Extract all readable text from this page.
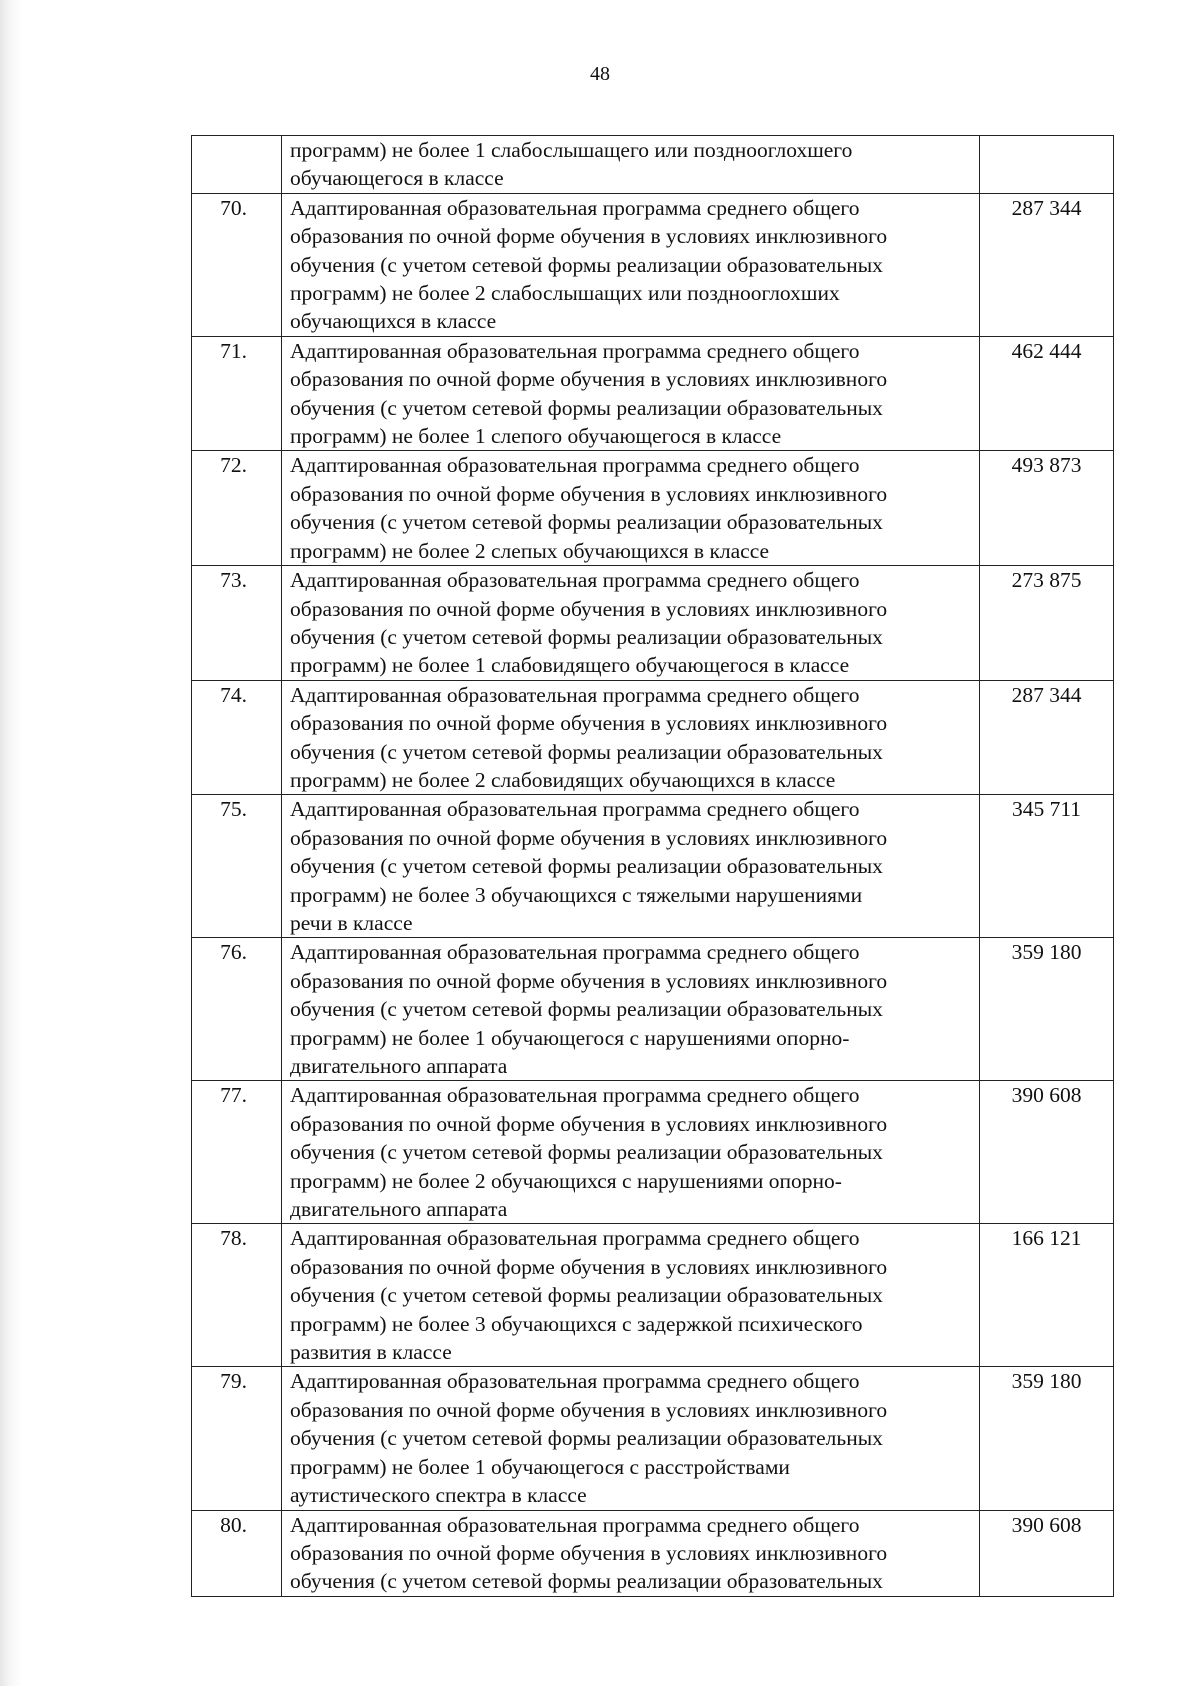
48

	программ) не более 1 слабослышащего или позднооглохшего
обучающегося в классе	

70.	Адаптированная образовательная программа среднего общего
образования по очной форме обучения в условиях инклюзивного
обучения (с учетом сетевой формы реализации образовательных
программ) не более 2 слабослышащих или позднооглохших
обучающихся в классе	287 344
71.	Адаптированная образовательная программа среднего общего
образования по очной форме обучения в условиях инклюзивного
обучения (с учетом сетевой формы реализации образовательных
программ) не более 1 слепого обучающегося в классе	462 444
72.	Адаптированная образовательная программа среднего общего
образования по очной форме обучения в условиях инклюзивного
обучения (с учетом сетевой формы реализации образовательных
программ) не более 2 слепых обучающихся в классе	493 873
73.	Адаптированная образовательная программа среднего общего
образования по очной форме обучения в условиях инклюзивного
обучения (с учетом сетевой формы реализации образовательных
программ) не более 1 слабовидящего обучающегося в классе	273 875
74.	Адаптированная образовательная программа среднего общего
образования по очной форме обучения в условиях инклюзивного
обучения (с учетом сетевой формы реализации образовательных
программ) не более 2 слабовидящих обучающихся в классе	287 344
75.	Адаптированная образовательная программа среднего общего
образования по очной форме обучения в условиях инклюзивного
обучения (с учетом сетевой формы реализации образовательных
программ) не более 3 обучающихся с тяжелыми нарушениями
речи в классе	345 711
76.	Адаптированная образовательная программа среднего общего
образования по очной форме обучения в условиях инклюзивного
обучения (с учетом сетевой формы реализации образовательных
программ) не более 1 обучающегося с нарушениями опорно-
двигательного аппарата	359 180
77.	Адаптированная образовательная программа среднего общего
образования по очной форме обучения в условиях инклюзивного
обучения (с учетом сетевой формы реализации образовательных
программ) не более 2 обучающихся с нарушениями опорно-
двигательного аппарата	390 608
78.	Адаптированная образовательная программа среднего общего
образования по очной форме обучения в условиях инклюзивного
обучения (с учетом сетевой формы реализации образовательных
программ) не более 3 обучающихся с задержкой психического
развития в классе	166 121
79.	Адаптированная образовательная программа среднего общего
образования по очной форме обучения в условиях инклюзивного
обучения (с учетом сетевой формы реализации образовательных
программ) не более 1 обучающегося с расстройствами
аутистического спектра в классе	359 180
80.	Адаптированная образовательная программа среднего общего
образования по очной форме обучения в условиях инклюзивного
обучения (с учетом сетевой формы реализации образовательных	390 608
